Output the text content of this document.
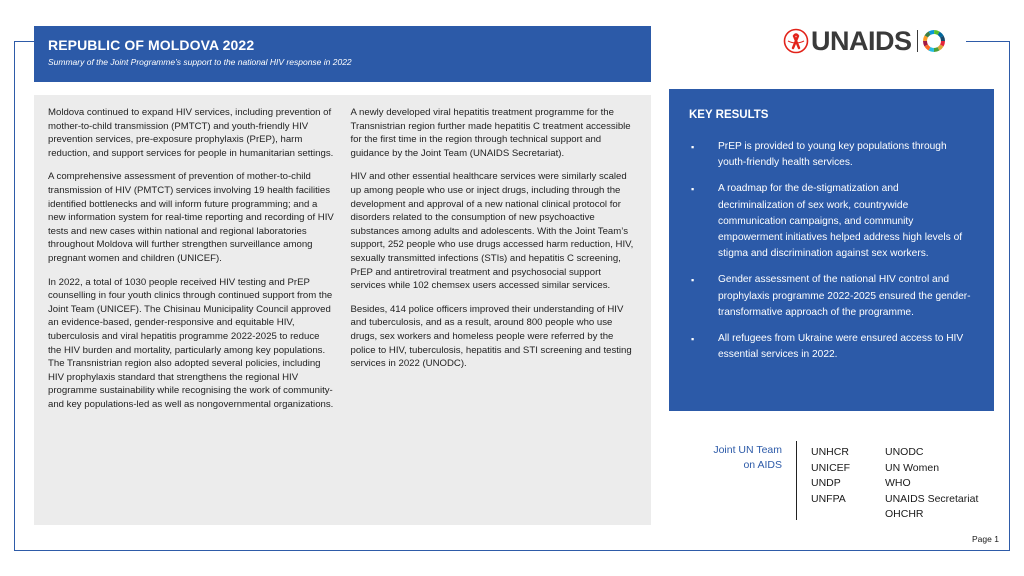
REPUBLIC OF MOLDOVA 2022
Summary of the Joint Programme’s support to the national HIV response in 2022
UNAIDS

Moldova continued to expand HIV services, including prevention of mother-to-child transmission (PMTCT) and youth-friendly HIV prevention services, pre-exposure prophylaxis (PrEP), harm reduction, and support services for people in humanitarian settings.

A comprehensive assessment of prevention of mother-to-child transmission of HIV (PMTCT) services involving 19 health facilities identified bottlenecks and will inform future programming; and a new information system for real-time reporting and recording of HIV tests and new cases within national and regional laboratories throughout Moldova will further strengthen surveillance among pregnant women and children (UNICEF).

In 2022, a total of 1030 people received HIV testing and PrEP counselling in four youth clinics through continued support from the Joint Team (UNICEF). The Chisinau Municipality Council approved an evidence-based, gender-responsive and equitable HIV, tuberculosis and viral hepatitis programme 2022-2025 to reduce the HIV burden and mortality, particularly among key populations. The Transnistrian region also adopted several policies, including HIV prophylaxis standard that strengthens the regional HIV programme sustainability while recognising the work of community- and key populations-led as well as nongovernmental organizations.

A newly developed viral hepatitis treatment programme for the Transnistrian region further made hepatitis C treatment accessible for the first time in the region through technical support and guidance by the Joint Team (UNAIDS Secretariat).

HIV and other essential healthcare services were similarly scaled up among people who use or inject drugs, including through the development and approval of a new national clinical protocol for disorders related to the consumption of new psychoactive substances among adults and adolescents. With the Joint Team’s support, 252 people who use drugs accessed harm reduction, HIV, sexually transmitted infections (STIs) and hepatitis C screening, PrEP and antiretroviral treatment and psychosocial support services while 102 chemsex users accessed similar services.

Besides, 414 police officers improved their understanding of HIV and tuberculosis, and as a result, around 800 people who use drugs, sex workers and homeless people were referred by the police to HIV, tuberculosis, hepatitis and STI screening and testing services in 2022 (UNODC).

KEY RESULTS
▪ PrEP is provided to young key populations through youth-friendly health services.
▪ A roadmap for the de-stigmatization and decriminalization of sex work, countrywide communication campaigns, and community empowerment initiatives helped address high levels of stigma and discrimination against sex workers.
▪ Gender assessment of the national HIV control and prophylaxis programme 2022-2025 ensured the gender-transformative approach of the programme.
▪ All refugees from Ukraine were ensured access to HIV essential services in 2022.
Joint UN Team
on AIDS
UNHCR
UNICEF
UNDP
UNFPA
UNODC
UN Women
WHO
UNAIDS Secretariat
OHCHR
Page 1
